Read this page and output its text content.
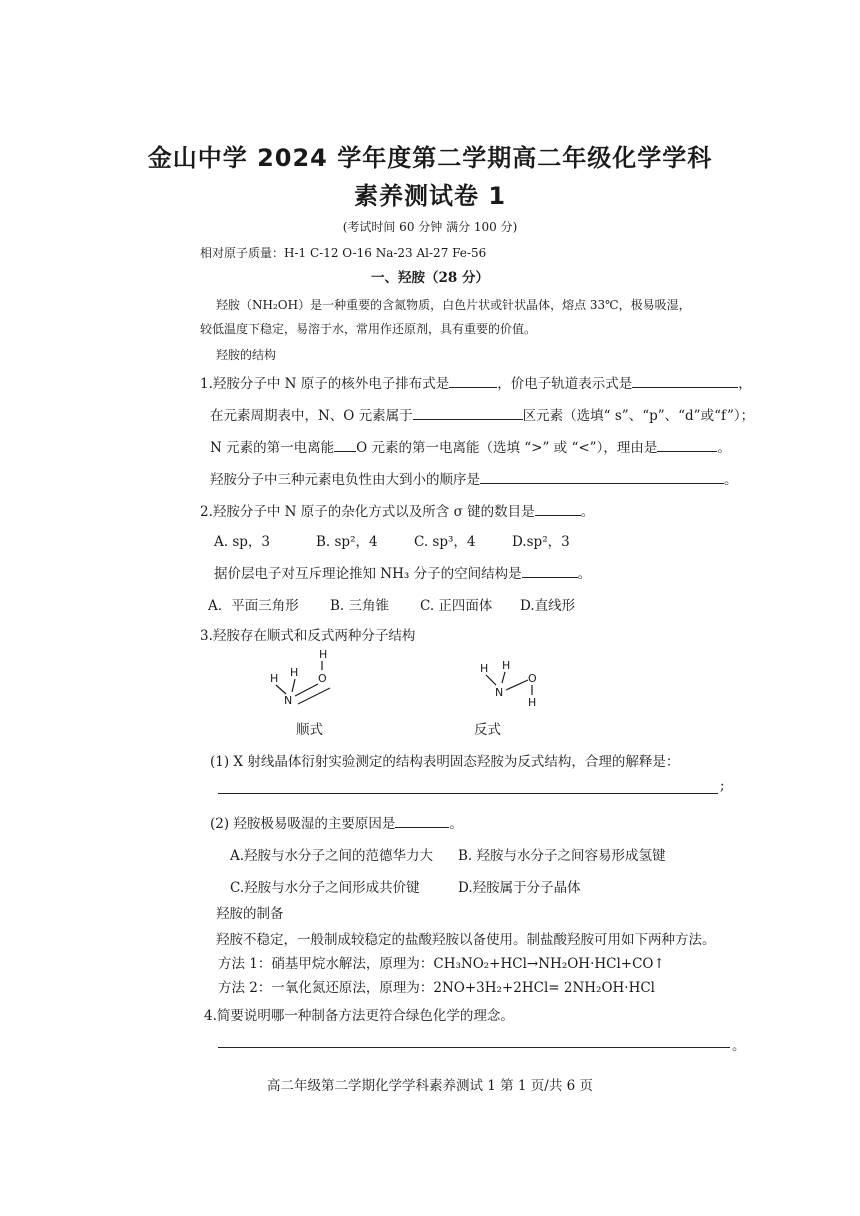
金山中学 2024 学年度第二学期高二年级化学学科
素养测试卷 1
(考试时间 60 分钟 满分 100 分)
相对原子质量：H-1 C-12 O-16 Na-23 Al-27 Fe-56
一、羟胺（28 分）
羟胺（NH₂OH）是一种重要的含氮物质，白色片状或针状晶体，熔点 33℃，极易吸湿，
较低温度下稳定，易溶于水，常用作还原剂，具有重要的价值。
羟胺的结构
1.羟胺分子中 N 原子的核外电子排布式是	，价电子轨道表示式是	，
在元素周期表中，N、O 元素属于	区元素（选填“ s”、“p”、“d”或“f”）；
N 元素的第一电离能 O 元素的第一电离能（选填 “>” 或 “<”），理由是	。
羟胺分子中三种元素电负性由大到小的顺序是	。
2.羟胺分子中 N 原子的杂化方式以及所含 σ 键的数目是	。
A. sp，3	B. sp²，4	C. sp³，4	D.sp²，3
据价层电子对互斥理论推知 NH₃ 分子的空间结构是	。
A．平面三角形 B. 三角锥 C. 正四面体 D.直线形
3.羟胺存在顺式和反式两种分子结构
H
O
H H
N
顺式
H H
N
O
H
反式
(1) X 射线晶体衍射实验测定的结构表明固态羟胺为反式结构，合理的解释是：
;
(2) 羟胺极易吸湿的主要原因是	。
A.羟胺与水分子之间的范德华力大 B. 羟胺与水分子之间容易形成氢键
C.羟胺与水分子之间形成共价键	D.羟胺属于分子晶体
羟胺的制备
羟胺不稳定，一般制成较稳定的盐酸羟胺以备使用。制盐酸羟胺可用如下两种方法。
方法 1：硝基甲烷水解法，原理为：CH₃NO₂+HCl→NH₂OH·HCl+CO↑
方法 2：一氧化氮还原法，原理为：2NO+3H₂+2HCl= 2NH₂OH·HCl
4.简要说明哪一种制备方法更符合绿色化学的理念。
。
高二年级第二学期化学学科素养测试 1 第 1 页/共 6 页
